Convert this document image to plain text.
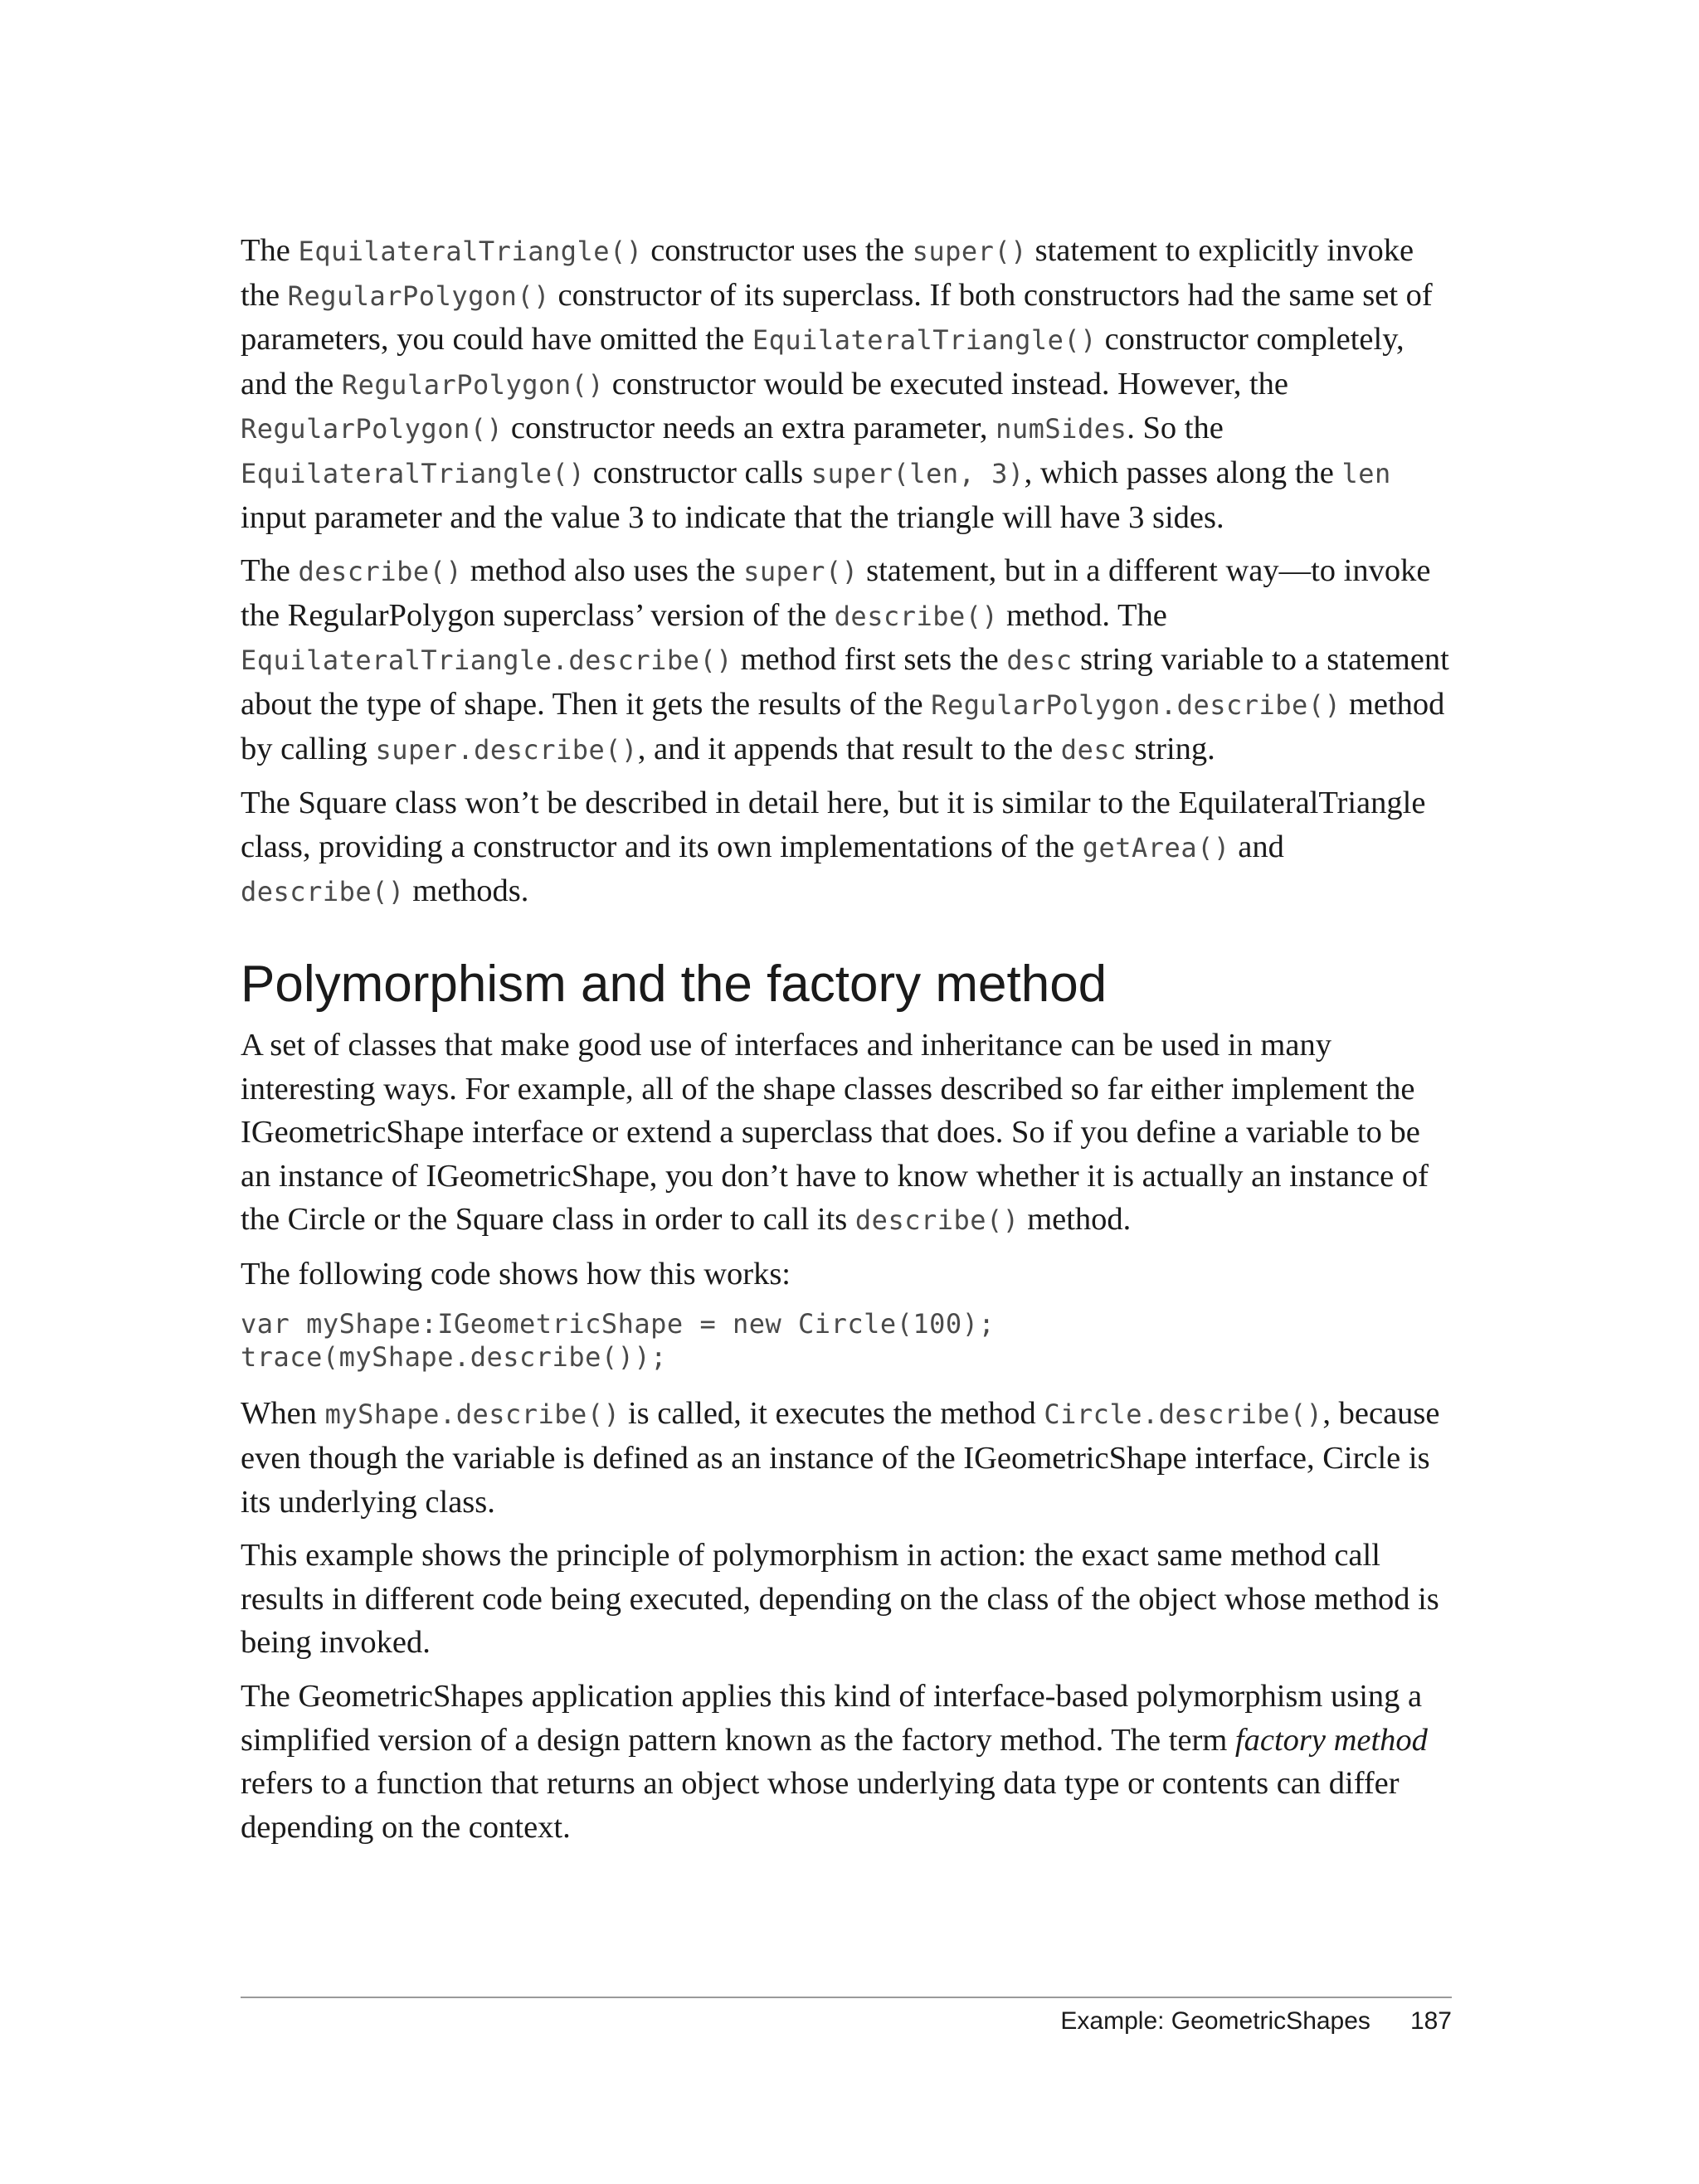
The EquilateralTriangle() constructor uses the super() statement to explicitly invoke the RegularPolygon() constructor of its superclass. If both constructors had the same set of parameters, you could have omitted the EquilateralTriangle() constructor completely, and the RegularPolygon() constructor would be executed instead. However, the
RegularPolygon() constructor needs an extra parameter, numSides. So the
EquilateralTriangle() constructor calls super(len, 3), which passes along the len input parameter and the value 3 to indicate that the triangle will have 3 sides.

The describe() method also uses the super() statement, but in a different way—to invoke the RegularPolygon superclass’ version of the describe() method. The
EquilateralTriangle.describe() method first sets the desc string variable to a statement about the type of shape. Then it gets the results of the RegularPolygon.describe() method by calling super.describe(), and it appends that result to the desc string.

The Square class won’t be described in detail here, but it is similar to the EquilateralTriangle class, providing a constructor and its own implementations of the getArea() and
describe() methods.

Polymorphism and the factory method

A set of classes that make good use of interfaces and inheritance can be used in many interesting ways. For example, all of the shape classes described so far either implement the IGeometricShape interface or extend a superclass that does. So if you define a variable to be an instance of IGeometricShape, you don’t have to know whether it is actually an instance of the Circle or the Square class in order to call its describe() method.

The following code shows how this works:

var myShape:IGeometricShape = new Circle(100);
trace(myShape.describe());

When myShape.describe() is called, it executes the method Circle.describe(), because even though the variable is defined as an instance of the IGeometricShape interface, Circle is its underlying class.

This example shows the principle of polymorphism in action: the exact same method call results in different code being executed, depending on the class of the object whose method is being invoked.

The GeometricShapes application applies this kind of interface-based polymorphism using a simplified version of a design pattern known as the factory method. The term factory method refers to a function that returns an object whose underlying data type or contents can differ depending on the context.

Example: GeometricShapes 187
